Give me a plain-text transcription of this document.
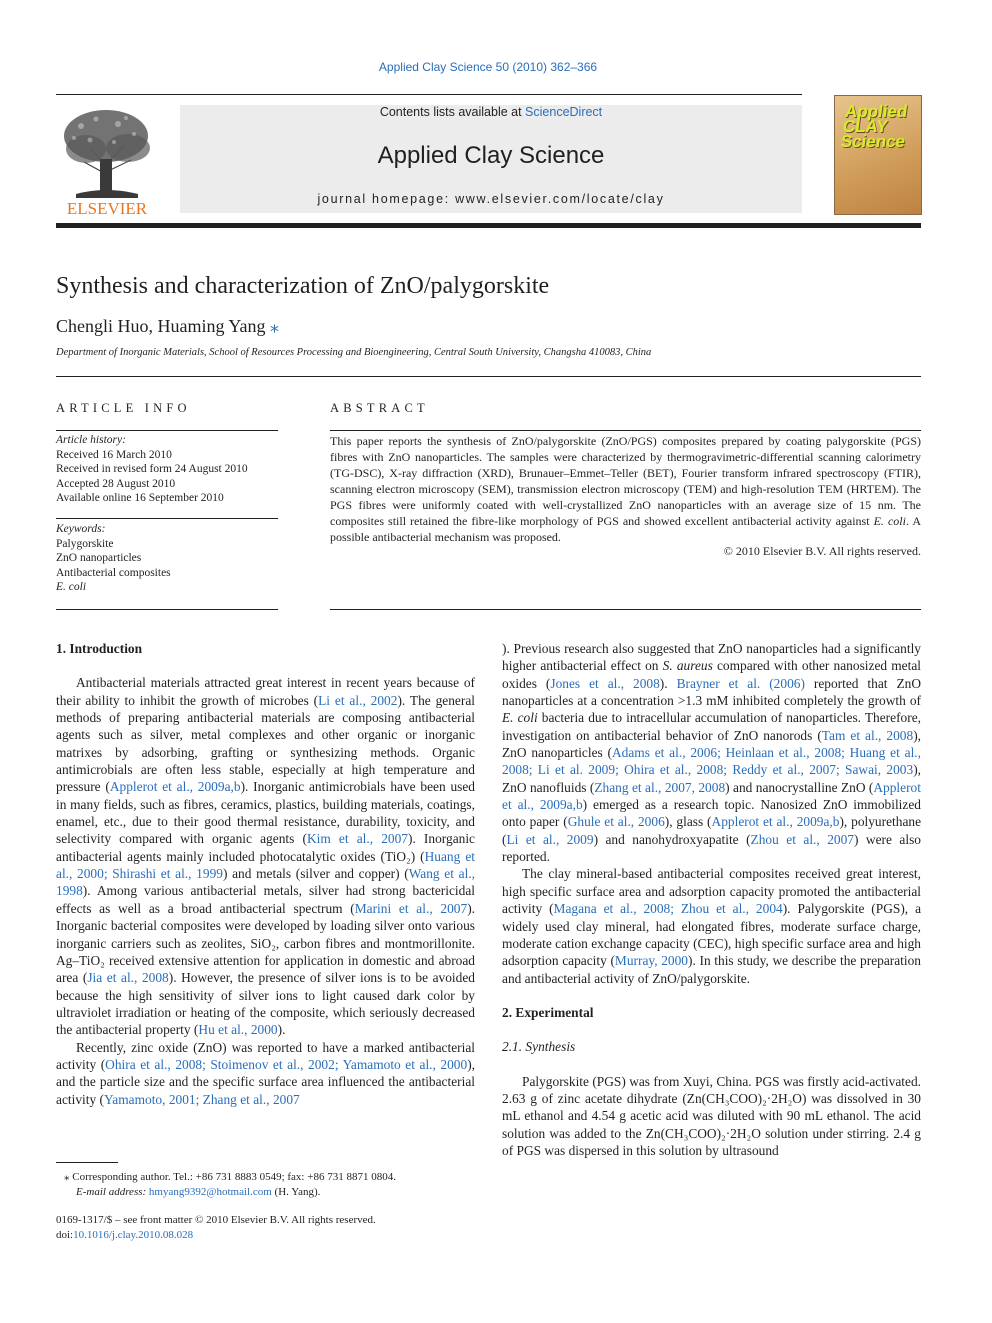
Applied Clay Science 50 (2010) 362–366
ELSEVIER
Contents lists available at ScienceDirect
Applied Clay Science
journal homepage: www.elsevier.com/locate/clay
Applied CLAY Science
Synthesis and characterization of ZnO/palygorskite
Chengli Huo, Huaming Yang ⁎
Department of Inorganic Materials, School of Resources Processing and Bioengineering, Central South University, Changsha 410083, China
ARTICLE INFO	ABSTRACT
Article history:
Received 16 March 2010
Received in revised form 24 August 2010
Accepted 28 August 2010
Available online 16 September 2010
Keywords:
Palygorskite
ZnO nanoparticles
Antibacterial composites
E. coli
This paper reports the synthesis of ZnO/palygorskite (ZnO/PGS) composites prepared by coating palygorskite (PGS) fibres with ZnO nanoparticles. The samples were characterized by thermogravimetric-differential scanning calorimetry (TG-DSC), X-ray diffraction (XRD), Brunauer–Emmet–Teller (BET), Fourier transform infrared spectroscopy (FTIR), scanning electron microscopy (SEM), transmission electron microscopy (TEM) and high-resolution TEM (HRTEM). The PGS fibres were uniformly coated with well-crystallized ZnO nanoparticles with an average size of 15 nm. The composites still retained the fibre-like morphology of PGS and showed excellent antibacterial activity against E. coli. A possible antibacterial mechanism was proposed.
© 2010 Elsevier B.V. All rights reserved.
1. Introduction

Antibacterial materials attracted great interest in recent years because of their ability to inhibit the growth of microbes (Li et al., 2002). The general methods of preparing antibacterial materials are composing antibacterial agents such as silver, metal complexes and other organic or inorganic matrixes by adsorbing, grafting or synthesizing methods. Organic antimicrobials are often less stable, especially at high temperature and pressure (Applerot et al., 2009a,b). Inorganic antimicrobials have been used in many fields, such as fibres, ceramics, plastics, building materials, coatings, enamel, etc., due to their good thermal resistance, durability, toxicity, and selectivity compared with organic agents (Kim et al., 2007). Inorganic antibacterial agents mainly included photocatalytic oxides (TiO₂) (Huang et al., 2000; Shirashi et al., 1999) and metals (silver and copper) (Wang et al., 1998). Among various antibacterial metals, silver had strong bactericidal effects as well as a broad antibacterial spectrum (Marini et al., 2007). Inorganic bacterial composites were developed by loading silver onto various inorganic carriers such as zeolites, SiO₂, carbon fibres and montmorillonite. Ag–TiO₂ received extensive attention for application in domestic and abroad area (Jia et al., 2008). However, the presence of silver ions is to be avoided because the high sensitivity of silver ions to light caused dark color by ultraviolet irradiation or heating of the composite, which seriously decreased the antibacterial property (Hu et al., 2000).

Recently, zinc oxide (ZnO) was reported to have a marked antibacterial activity (Ohira et al., 2008; Stoimenov et al., 2002; Yamamoto et al., 2000), and the particle size and the specific surface area influenced the antibacterial activity (Yamamoto, 2001; Zhang et al., 2007

). Previous research also suggested that ZnO nanoparticles had a significantly higher antibacterial effect on S. aureus compared with other nanosized metal oxides (Jones et al., 2008). Brayner et al. (2006) reported that ZnO nanoparticles at a concentration >1.3 mM inhibited completely the growth of E. coli bacteria due to intracellular accumulation of nanoparticles. Therefore, investigation on antibacterial behavior of ZnO nanorods (Tam et al., 2008), ZnO nanoparticles (Adams et al., 2006; Heinlaan et al., 2008; Huang et al., 2008; Li et al. 2009; Ohira et al., 2008; Reddy et al., 2007; Sawai, 2003), ZnO nanofluids (Zhang et al., 2007, 2008) and nanocrystalline ZnO (Applerot et al., 2009a,b) emerged as a research topic. Nanosized ZnO immobilized onto paper (Ghule et al., 2006), glass (Applerot et al., 2009a,b), polyurethane (Li et al., 2009) and nanohydroxyapatite (Zhou et al., 2007) were also reported.

The clay mineral-based antibacterial composites received great interest, high specific surface area and adsorption capacity promoted the antibacterial activity (Magana et al., 2008; Zhou et al., 2004). Palygorskite (PGS), a widely used clay mineral, had elongated fibres, moderate surface charge, moderate cation exchange capacity (CEC), high specific surface area and high adsorption capacity (Murray, 2000). In this study, we describe the preparation and antibacterial activity of ZnO/palygorskite.

2. Experimental
2.1. Synthesis

Palygorskite (PGS) was from Xuyi, China. PGS was firstly acid-activated. 2.63 g of zinc acetate dihydrate (Zn(CH₃COO)₂·2H₂O) was dissolved in 30 mL ethanol and 4.54 g acetic acid was diluted with 90 mL ethanol. The acid solution was added to the Zn(CH₃COO)₂·2H₂O solution under stirring. 2.4 g of PGS was dispersed in this solution by ultrasound

⁎ Corresponding author. Tel.: +86 731 8883 0549; fax: +86 731 8871 0804.
E-mail address: hmyang9392@hotmail.com (H. Yang).
0169-1317/$ – see front matter © 2010 Elsevier B.V. All rights reserved.
doi:10.1016/j.clay.2010.08.028
